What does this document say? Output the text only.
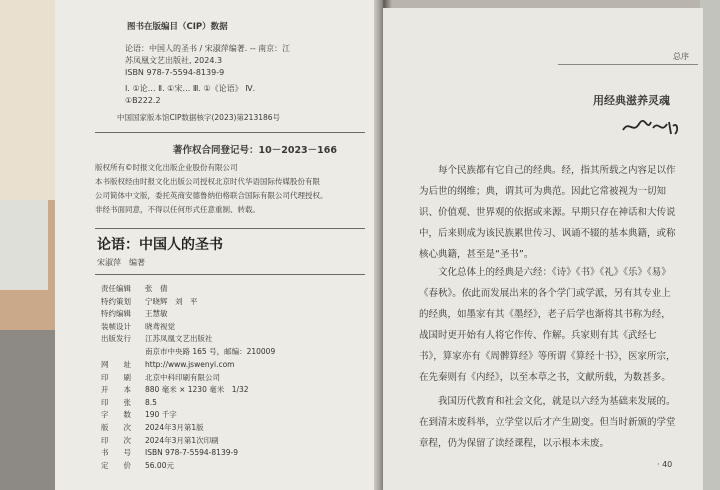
图书在版编目（CIP）数据
论语：中国人的圣书 / 宋淑萍编著. -- 南京：江
苏凤凰文艺出版社, 2024.3
ISBN 978-7-5594-8139-9
Ⅰ. ①论… Ⅱ. ①宋… Ⅲ. ①《论语》 Ⅳ.
①B222.2
中国国家版本馆CIP数据核字(2023)第213186号
著作权合同登记号：10－2023－166
版权所有©时报文化出版企业股份有限公司
本书版权经由时报文化出版公司授权北京时代华语国际传媒股份有限
公司简体中文版，委托英商安德鲁纳伯格联合国际有限公司代理授权。
非经书面同意，不得以任何形式任意重制、转载。
论语：中国人的圣书
宋淑萍　编著
责任编辑 张　倩
特约策划 宁晓辉　刘　平
特约编辑 王慧敏
装帧设计 晓鸢视觉
出版发行 江苏凤凰文艺出版社
南京市中央路 165 号，邮编：210009
网　　址 http://www.jswenyi.com
印　　刷 北京中科印刷有限公司
开　　本 880 毫米 × 1230 毫米　1/32
印　　张 8.5
字　　数 190 千字
版　　次 2024年3月第1版
印　　次 2024年3月第1次印刷
书　　号 ISBN 978-7-5594-8139-9
定　　价 56.00元
总序
用经典滋养灵魂
每个民族都有它自己的经典。经，指其所载之内容足以作为后世的纲维；典，谓其可为典范。因此它常被视为一切知识、价值观、世界观的依据或来源。早期只存在神话和大传说中，后来则成为该民族累世传习、讽诵不辍的基本典籍，或称核心典籍，甚至是“圣书”。
文化总体上的经典是六经：《诗》《书》《礼》《乐》《易》《春秋》。依此而发展出来的各个学门或学派，另有其专业上的经典，如墨家有其《墨经》，老子后学也渐将其书称为经，战国时更开始有人将它作传、作解。兵家则有其《武经七书》，算家亦有《周髀算经》等所谓《算经十书》，医家所宗，在先秦则有《内经》，以至本草之书，文献所载，为数甚多。
我国历代教育和社会文化，就是以六经为基础来发展的。在到清末废科举，立学堂以后才产生剧变。但当时新颁的学堂章程，仍为保留了读经课程，以示根本未废。
· 40
